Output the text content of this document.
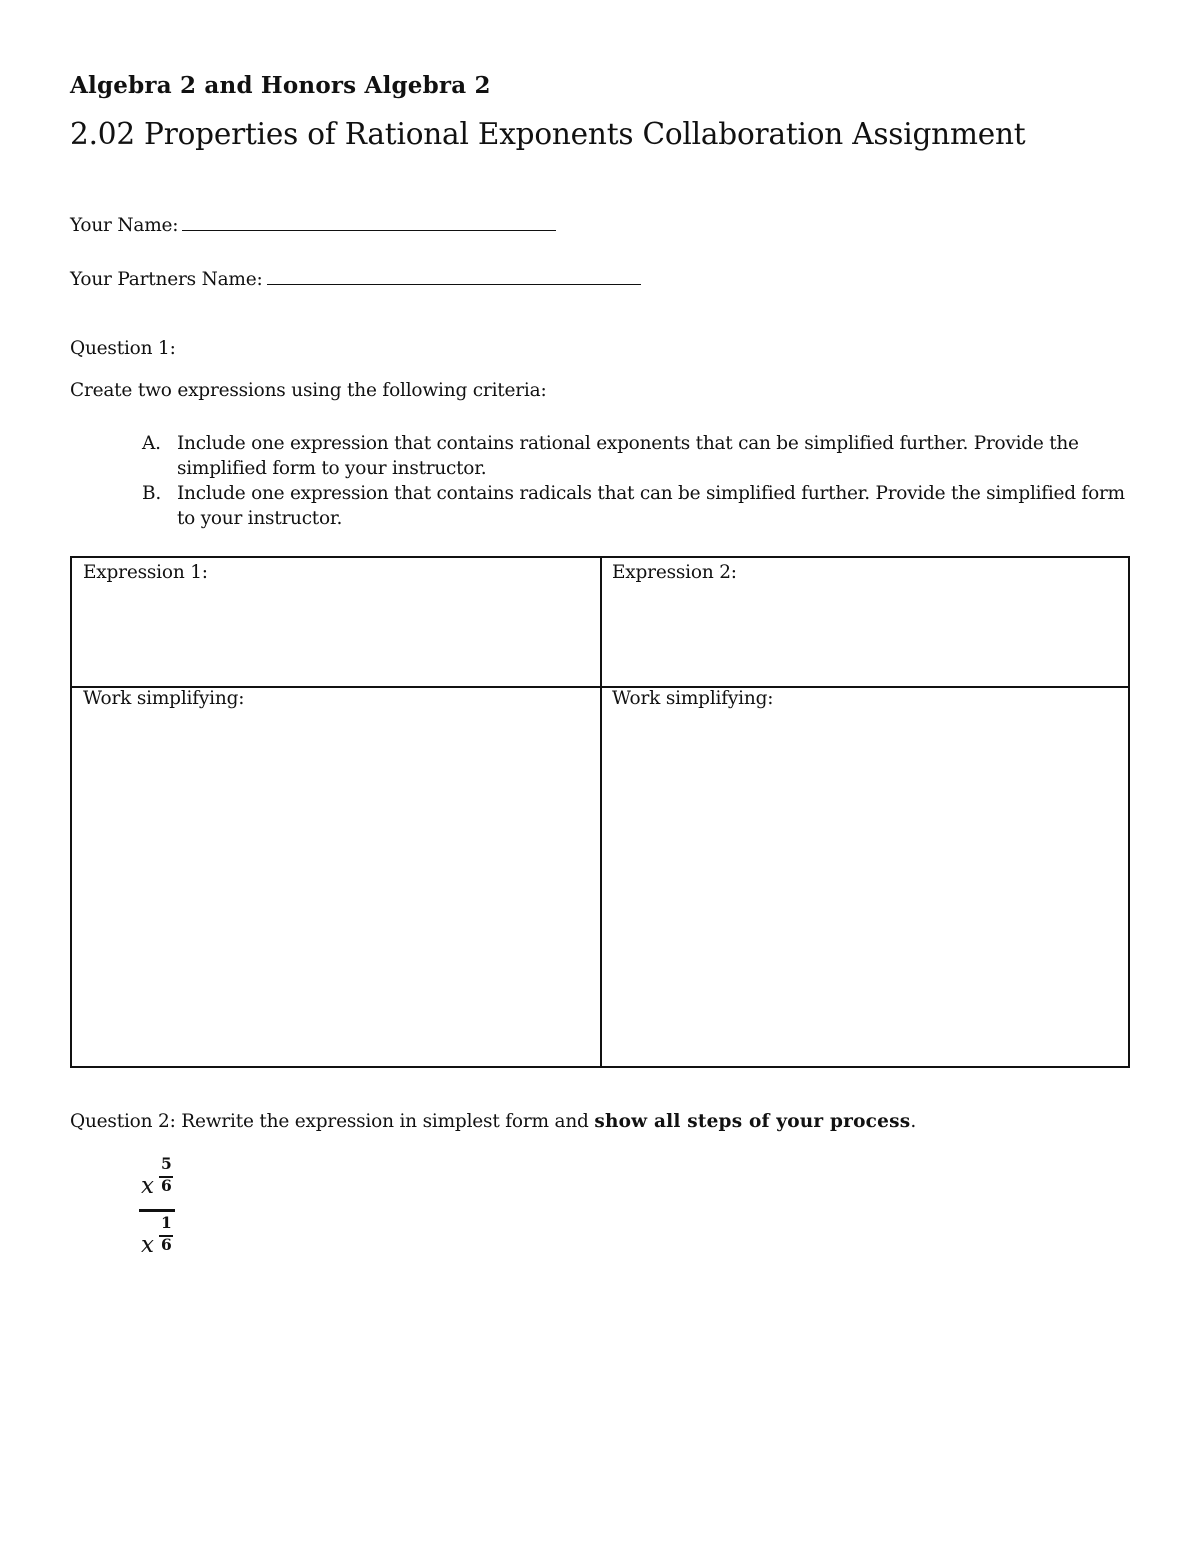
Algebra 2 and Honors Algebra 2
2.02 Properties of Rational Exponents Collaboration Assignment
Your Name:
Your Partners Name:
Question 1:
Create two expressions using the following criteria:
A. Include one expression that contains rational exponents that can be simplified further. Provide the simplified form to your instructor.
B. Include one expression that contains radicals that can be simplified further. Provide the simplified form to your instructor.
Expression 1:	Expression 2:
Work simplifying:	Work simplifying:
Question 2: Rewrite the expression in simplest form and show all steps of your process.
x
5
6
x
1
6
